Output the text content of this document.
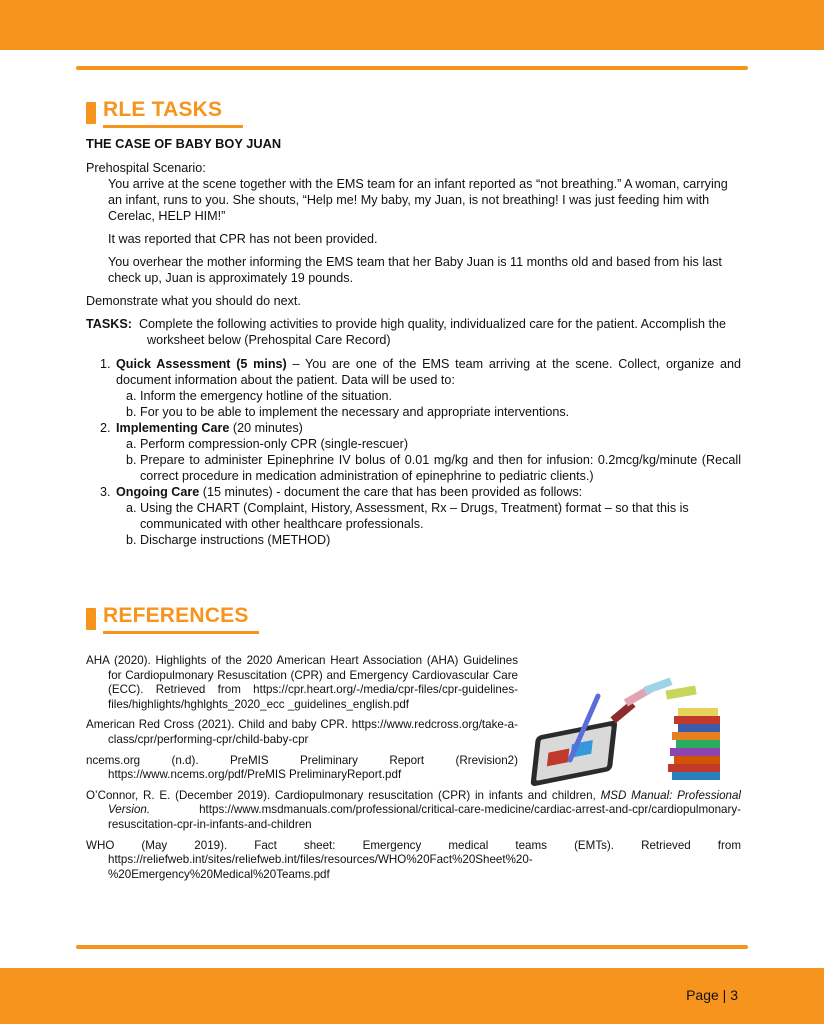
RLE TASKS

THE CASE OF BABY BOY JUAN

Prehospital Scenario:

You arrive at the scene together with the EMS team for an infant reported as “not breathing.” A woman, carrying an infant, runs to you. She shouts, “Help me! My baby, my Juan, is not breathing! I was just feeding him with Cerelac, HELP HIM!”

It was reported that CPR has not been provided.

You overhear the mother informing the EMS team that her Baby Juan is 11 months old and based from his last check up, Juan is approximately 19 pounds.

Demonstrate what you should do next.

TASKS: Complete the following activities to provide high quality, individualized care for the patient. Accomplish the worksheet below (Prehospital Care Record)

1. Quick Assessment (5 mins) – You are one of the EMS team arriving at the scene. Collect, organize and document information about the patient. Data will be used to:
a. Inform the emergency hotline of the situation.
b. For you to be able to implement the necessary and appropriate interventions.
2. Implementing Care (20 minutes)
a. Perform compression-only CPR (single-rescuer)
b. Prepare to administer Epinephrine IV bolus of 0.01 mg/kg and then for infusion: 0.2mcg/kg/minute (Recall correct procedure in medication administration of epinephrine to pediatric clients.)
3. Ongoing Care (15 minutes) - document the care that has been provided as follows:
a. Using the CHART (Complaint, History, Assessment, Rx – Drugs, Treatment) format – so that this is communicated with other healthcare professionals.
b. Discharge instructions (METHOD)
REFERENCES

AHA (2020). Highlights of the 2020 American Heart Association (AHA) Guidelines for Cardiopulmonary Resuscitation (CPR) and Emergency Cardiovascular Care (ECC). Retrieved from https://cpr.heart.org/-/media/cpr-files/cpr-guidelines-files/highlights/hghlghts_2020_ecc _guidelines_english.pdf

American Red Cross (2021). Child and baby CPR. https://www.redcross.org/take-a-class/cpr/performing-cpr/child-baby-cpr

ncems.org (n.d). PreMIS Preliminary Report (Rrevision2) https://www.ncems.org/pdf/PreMIS PreliminaryReport.pdf

O’Connor, R. E. (December 2019). Cardiopulmonary resuscitation (CPR) in infants and children, MSD Manual: Professional Version. https://www.msdmanuals.com/professional/critical-care-medicine/cardiac-arrest-and-cpr/cardiopulmonary-resuscitation-cpr-in-infants-and-children

WHO (May 2019). Fact sheet: Emergency medical teams (EMTs). Retrieved from https://reliefweb.int/sites/reliefweb.int/files/resources/WHO%20Fact%20Sheet%20-%20Emergency%20Medical%20Teams.pdf

Page | 3
